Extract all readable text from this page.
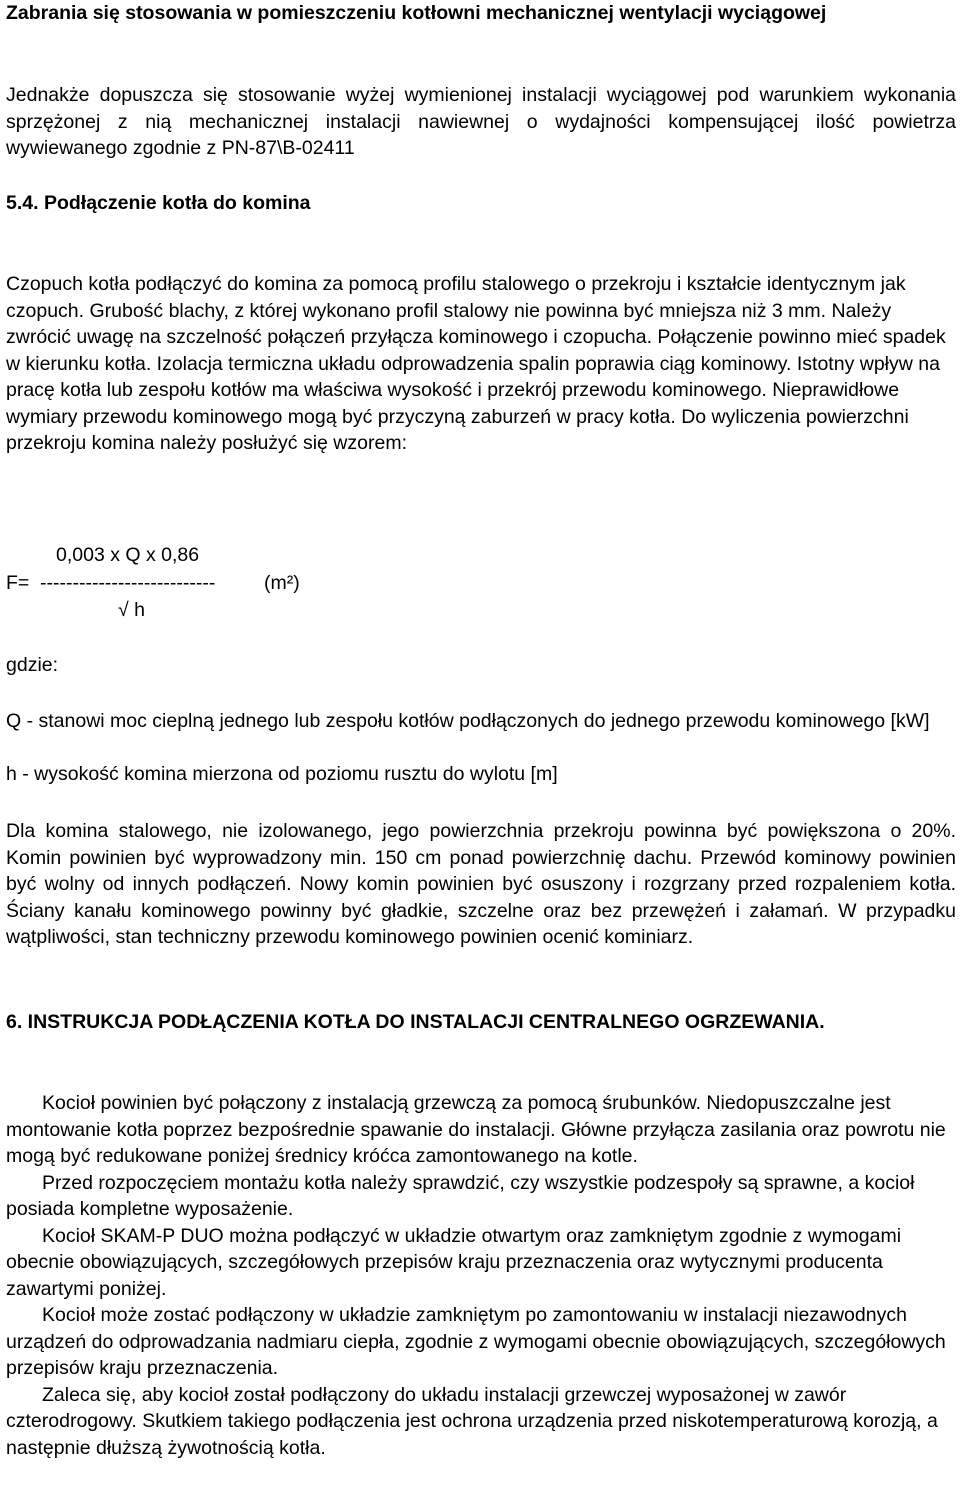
Zabrania się stosowania w pomieszczeniu kotłowni mechanicznej wentylacji wyciągowej

Jednakże dopuszcza się stosowanie wyżej wymienionej instalacji wyciągowej pod warunkiem wykonania sprzężonej z nią mechanicznej instalacji nawiewnej o wydajności kompensującej ilość powietrza wywiewanego zgodnie z PN-87\B-02411

5.4. Podłączenie kotła do komina

Czopuch kotła podłączyć do komina za pomocą profilu stalowego o przekroju i kształcie identycznym jak czopuch. Grubość blachy, z której wykonano profil stalowy nie powinna być mniejsza niż 3 mm. Należy zwrócić uwagę na szczelność połączeń przyłącza kominowego i czopucha. Połączenie powinno mieć spadek w kierunku kotła. Izolacja termiczna układu odprowadzenia spalin poprawia ciąg kominowy. Istotny wpływ na pracę kotła lub zespołu kotłów ma właściwa wysokość i przekrój przewodu kominowego. Nieprawidłowe wymiary przewodu kominowego mogą być przyczyną zaburzeń w pracy kotła. Do wyliczenia powierzchni przekroju komina należy posłużyć się wzorem:

0,003 x Q x 0,86
F= --------------------------- (m²)
√ h

gdzie:

Q - stanowi moc cieplną jednego lub zespołu kotłów podłączonych do jednego przewodu kominowego [kW]

h - wysokość komina mierzona od poziomu rusztu do wylotu [m]

Dla komina stalowego, nie izolowanego, jego powierzchnia przekroju powinna być powiększona o 20%. Komin powinien być wyprowadzony min. 150 cm ponad powierzchnię dachu. Przewód kominowy powinien być wolny od innych podłączeń. Nowy komin powinien być osuszony i rozgrzany przed rozpaleniem kotła. Ściany kanału kominowego powinny być gładkie, szczelne oraz bez przewężeń i załamań. W przypadku wątpliwości, stan techniczny przewodu kominowego powinien ocenić kominiarz.

6. INSTRUKCJA PODŁĄCZENIA KOTŁA DO INSTALACJI CENTRALNEGO OGRZEWANIA.

Kocioł powinien być połączony z instalacją grzewczą za pomocą śrubunków. Niedopuszczalne jest montowanie kotła poprzez bezpośrednie spawanie do instalacji. Główne przyłącza zasilania oraz powrotu nie mogą być redukowane poniżej średnicy króćca zamontowanego na kotle.

Przed rozpoczęciem montażu kotła należy sprawdzić, czy wszystkie podzespoły są sprawne, a kocioł posiada kompletne wyposażenie.

Kocioł SKAM-P DUO można podłączyć w układzie otwartym oraz zamkniętym zgodnie z wymogami obecnie obowiązujących, szczegółowych przepisów kraju przeznaczenia oraz wytycznymi producenta zawartymi poniżej.

Kocioł może zostać podłączony w układzie zamkniętym po zamontowaniu w instalacji niezawodnych urządzeń do odprowadzania nadmiaru ciepła, zgodnie z wymogami obecnie obowiązujących, szczegółowych przepisów kraju przeznaczenia.

Zaleca się, aby kocioł został podłączony do układu instalacji grzewczej wyposażonej w zawór czterodrogowy. Skutkiem takiego podłączenia jest ochrona urządzenia przed niskotemperaturową korozją, a następnie dłuższą żywotnością kotła.
